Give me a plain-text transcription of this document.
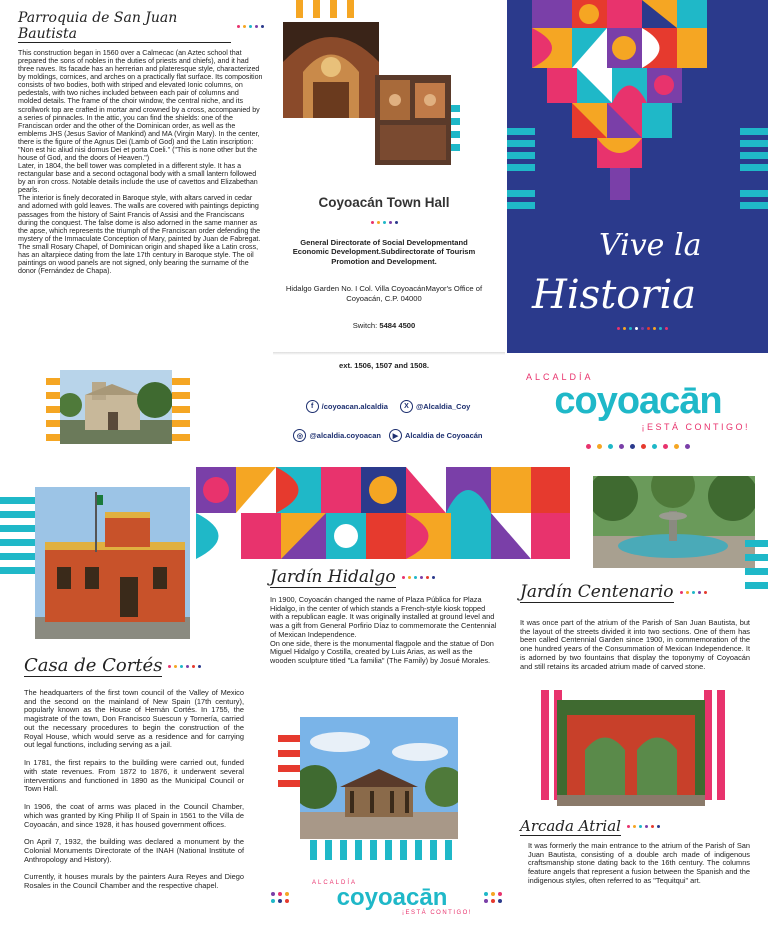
Parroquia de San Juan Bautista

This construction began in 1560 over a Calmecac (an Aztec school that prepared the sons of nobles in the duties of priests and chiefs), and it had three naves. Its facade has an herrerian and plateresque style, characterized by moldings, cornices, and arches on a practically flat surface. Its composition consists of two bodies, both with striped and elevated Ionic columns, on pedestals, with two niches included between each pair of columns and molded details. The frame of the choir window, the central niche, and its scrollwork top are crafted in mortar and crowned by a cross, accompanied by a series of pinnacles. In the attic, you can find the shields: one of the Franciscan order and the other of the Dominican order, as well as the emblems JHS (Jesus Savior of Mankind) and MA (Virgin Mary). In the center, there is the figure of the Agnus Dei (Lamb of God) and the Latin inscription: "Non est hic aliud nisi domus Dei et porta Coeli." ("This is none other but the house of God, and the doors of Heaven.")
Later, in 1804, the bell tower was completed in a different style. It has a rectangular base and a second octagonal body with a small lantern followed by an iron cross. Notable details include the use of cavettos and Elizabethan pearls.
The interior is finely decorated in Baroque style, with altars carved in cedar and adorned with gold leaves. The walls are covered with paintings depicting passages from the history of Saint Francis of Assisi and the Franciscans during the conquest. The false dome is also adorned in the same manner as the apse, which represents the triumph of the Franciscan order defending the mystery of the Immaculate Conception of Mary, painted by Juan de Fabregat.
The small Rosary Chapel, of Dominican origin and shaped like a Latin cross, has an altarpiece dating from the late 17th century in Baroque style. The oil paintings on wood panels are not signed, only bearing the surname of the donor (Fernández de Chapa).

Coyoacán Town Hall

General Directorate of Social Developmentand Economic Development.Subdirectorate of Tourism Promotion and Development.

Hidalgo Garden No. I Col. Villa CoyoacánMayor's Office of Coyoacán, C.P. 04000

Switch: 5484 4500

ext. 1506, 1507 and 1508.
Vive la
Historia
f	/coyoacan.alcaldia	X @Alcaldia_Coy
◎ @alcaldia.coyoacan	▶ Alcaldia de Coyoacán
ALCALDÍA
coyoacān
¡ESTÁ CONTIGO!
Casa de Cortés

The headquarters of the first town council of the Valley of Mexico and the second on the mainland of New Spain (17th century), popularly known as the House of Hernán Cortés. In 1755, the magistrate of the town, Don Francisco Suescun y Tornería, carried out the necessary procedures to begin the construction of the Royal House, which would serve as a residence and for carrying out legal functions, including serving as a jail.

In 1781, the first repairs to the building were carried out, funded with state revenues. From 1872 to 1876, it underwent several interventions and functioned in 1890 as the Municipal Council or Town Hall.

In 1906, the coat of arms was placed in the Council Chamber, which was granted by King Philip II of Spain in 1561 to the Villa de Coyoacán, and since 1928, it has housed government offices.

On April 7, 1932, the building was declared a monument by the Colonial Monuments Directorate of the INAH (National Institute of Anthropology and History).

Currently, it houses murals by the painters Aura Reyes and Diego Rosales in the Council Chamber and the respective chapel.

Jardín Hidalgo

In 1900, Coyoacán changed the name of Plaza Pública for Plaza Hidalgo, in the center of which stands a French-style kiosk topped with a republican eagle. It was originally installed at ground level and was a gift from General Porfirio Díaz to commemorate the Centennial of Mexican Independence.
On one side, there is the monumental flagpole and the statue of Don Miguel Hidalgo y Costilla, created by Luis Arias, as well as the wooden sculpture titled "La familia" (The Family) by Josué Morales.

ALCALDÍA
coyoacān
¡ESTÁ CONTIGO!
Jardín Centenario

It was once part of the atrium of the Parish of San Juan Bautista, but the layout of the streets divided it into two sections. One of them has been called Centennial Garden since 1900, in commemoration of the one hundred years of the Consummation of Mexican Independence. It is adorned by two fountains that display the toponymy of Coyoacán and still retains its arcaded atrium made of carved stone.

Arcada Atrial

It was formerly the main entrance to the atrium of the Parish of San Juan Bautista, consisting of a double arch made of indigenous craftsmanship stone dating back to the 16th century. The columns feature angels that represent a fusion between the Spanish and the indigenous styles, often referred to as "Tequitqui" art.
